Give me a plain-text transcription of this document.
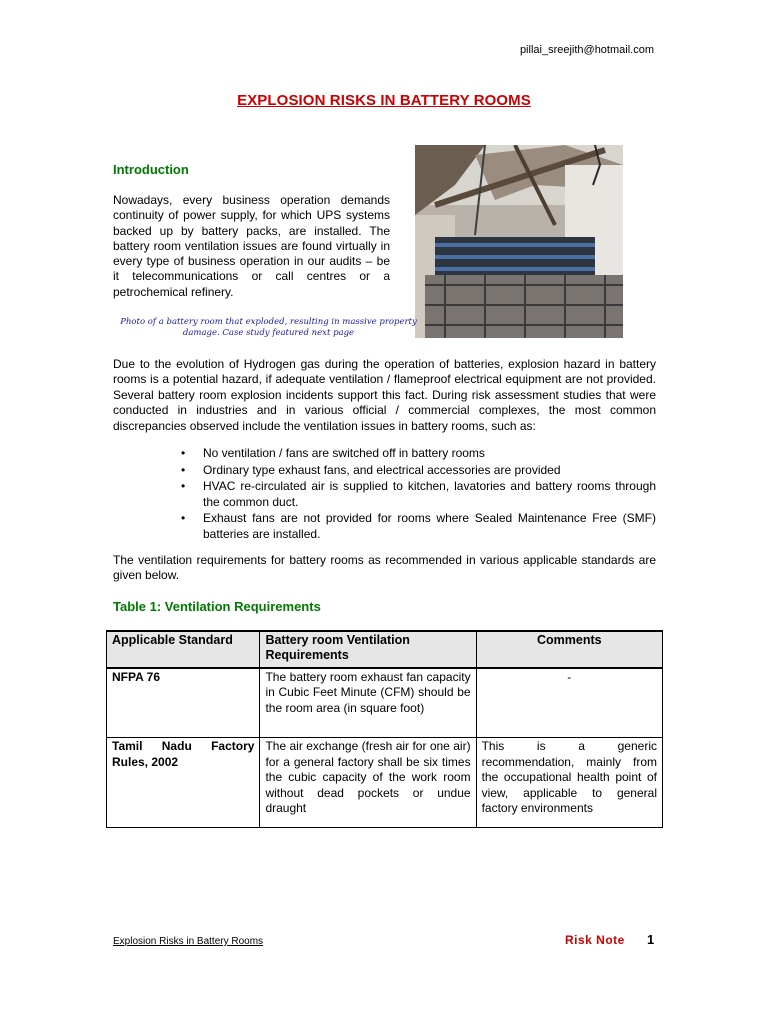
pillai_sreejith@hotmail.com
EXPLOSION RISKS IN BATTERY ROOMS
Introduction
Nowadays, every business operation demands continuity of power supply, for which UPS systems backed up by battery packs, are installed. The battery room ventilation issues are found virtually in every type of business operation in our audits – be it telecommunications or call centres or a petrochemical refinery.
Photo of a battery room that exploded, resulting in massive property
damage. Case study featured next page
Due to the evolution of Hydrogen gas during the operation of batteries, explosion hazard in battery rooms is a potential hazard, if adequate ventilation / flameproof electrical equipment are not provided. Several battery room explosion incidents support this fact. During risk assessment studies that were conducted in industries and in various official / commercial complexes, the most common discrepancies observed include the ventilation issues in battery rooms, such as:
• No ventilation / fans are switched off in battery rooms
• Ordinary type exhaust fans, and electrical accessories are provided
• HVAC re-circulated air is supplied to kitchen, lavatories and battery rooms through the common duct.
• Exhaust fans are not provided for rooms where Sealed Maintenance Free (SMF) batteries are installed.
The ventilation requirements for battery rooms as recommended in various applicable standards are given below.
Table 1: Ventilation Requirements
Applicable Standard	Battery room Ventilation Requirements	Comments
NFPA 76	The battery room exhaust fan capacity in Cubic Feet Minute (CFM) should be the room area (in square foot)	-
Tamil Nadu Factory Rules, 2002	The air exchange (fresh air for one air) for a general factory shall be six times the cubic capacity of the work room without dead pockets or undue draught	This is a generic recommendation, mainly from the occupational health point of view, applicable to general factory environments
Explosion Risks in Battery Rooms	Risk Note 1
